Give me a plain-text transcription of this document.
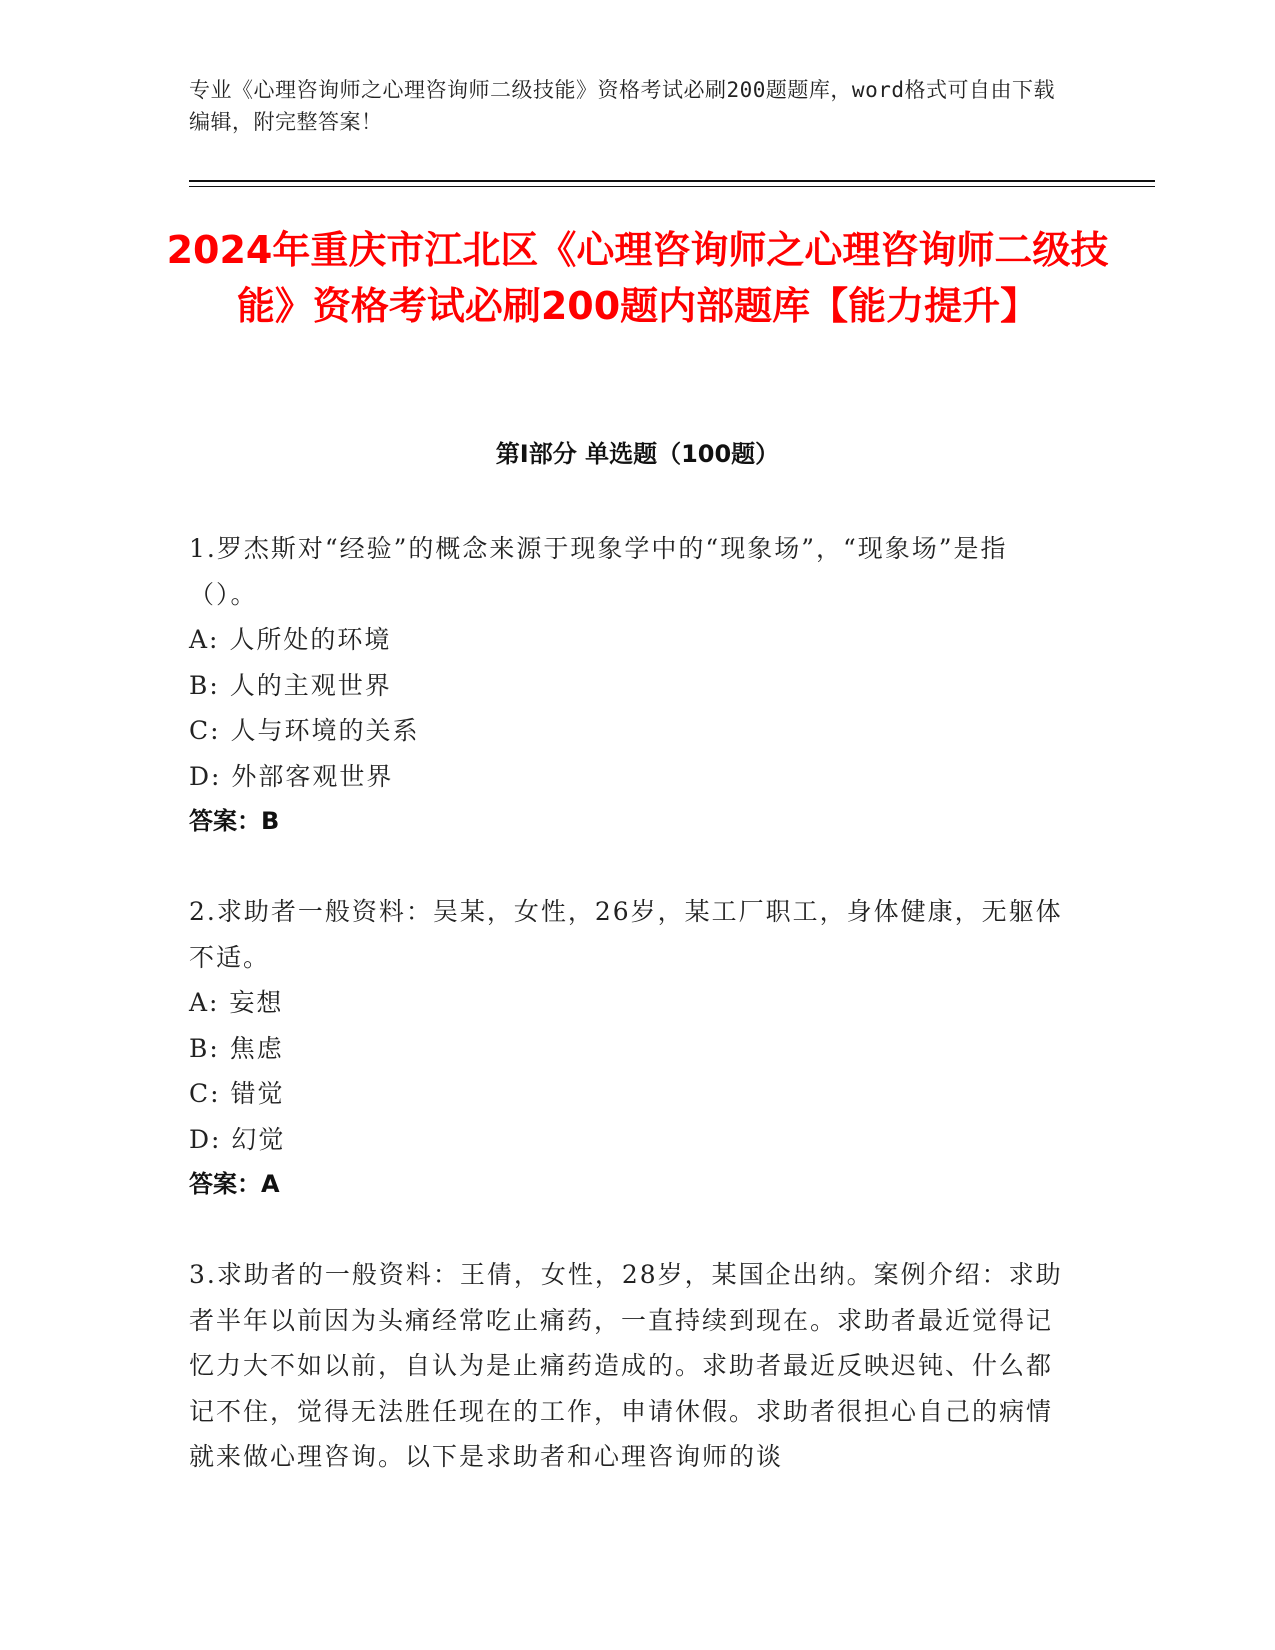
专业《心理咨询师之心理咨询师二级技能》资格考试必刷200题题库，word格式可自由下载编辑，附完整答案！
2024年重庆市江北区《心理咨询师之心理咨询师二级技能》资格考试必刷200题内部题库【能力提升】
第I部分 单选题（100题）
1.罗杰斯对“经验”的概念来源于现象学中的“现象场”，“现象场”是指（）。
A: 人所处的环境
B: 人的主观世界
C: 人与环境的关系
D: 外部客观世界
答案：B
2.求助者一般资料：吴某，女性，26岁，某工厂职工，身体健康，无躯体不适。
A: 妄想
B: 焦虑
C: 错觉
D: 幻觉
答案：A
3.求助者的一般资料：王倩，女性，28岁，某国企出纳。案例介绍：求助者半年以前因为头痛经常吃止痛药，一直持续到现在。求助者最近觉得记忆力大不如以前，自认为是止痛药造成的。求助者最近反映迟钝、什么都记不住，觉得无法胜任现在的工作，申请休假。求助者很担心自己的病情就来做心理咨询。以下是求助者和心理咨询师的谈
